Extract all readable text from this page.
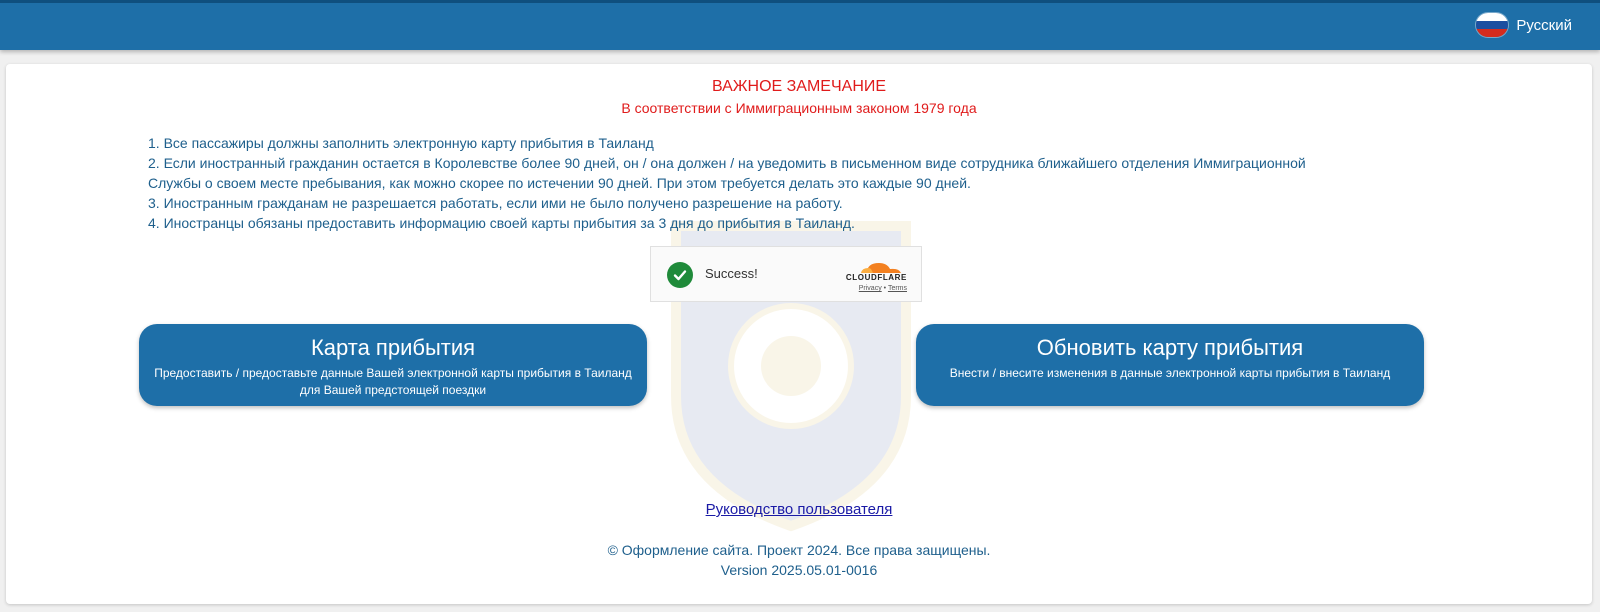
Русский
ВАЖНОЕ ЗАМЕЧАНИЕ
В соответствии с Иммиграционным законом 1979 года

1. Все пассажиры должны заполнить электронную карту прибытия в Таиланд

2. Если иностранный гражданин остается в Королевстве более 90 дней, он / она должен / на уведомить в письменном виде сотрудника ближайшего отделения Иммиграционной Службы о своем месте пребывания, как можно скорее по истечении 90 дней. При этом требуется делать это каждые 90 дней.

3. Иностранным гражданам не разрешается работать, если ими не было получено разрешение на работу.

4. Иностранцы обязаны предоставить информацию своей карты прибытия за 3 дня до прибытия в Таиланд.

Success!	CLOUDFLARE
Privacy • Terms
Карта прибытия
Предоставить / предоставьте данные Вашей электронной карты прибытия в Таиланд для Вашей предстоящей поездки
Обновить карту прибытия
Внести / внесите изменения в данные электронной карты прибытия в Таиланд
Руководство пользователя
© Оформление сайта. Проект 2024. Все права защищены.
Version 2025.05.01-0016
